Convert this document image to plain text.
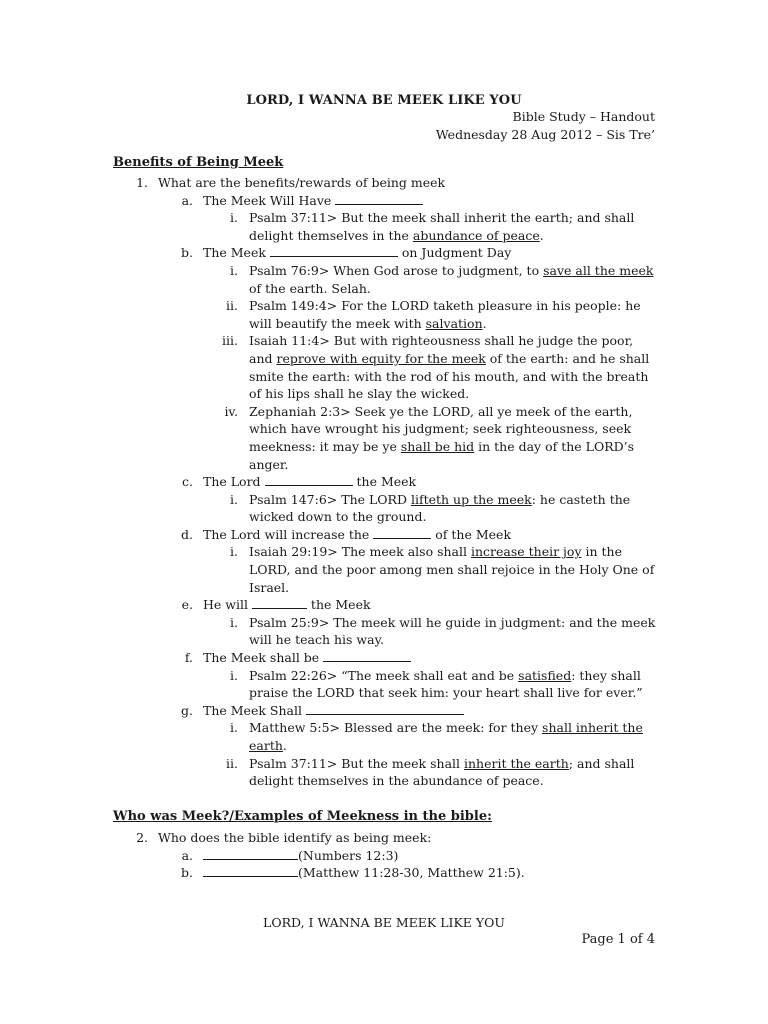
LORD, I WANNA BE MEEK LIKE YOU
Bible Study – Handout
Wednesday 28 Aug 2012 – Sis Tre’
Benefits of Being Meek
1. What are the benefits/rewards of being meek
a. The Meek Will Have
i. Psalm 37:11> But the meek shall inherit the earth; and shall
delight themselves in the abundance of peace.
b. The Meek	on Judgment Day
i. Psalm 76:9> When God arose to judgment, to save all the meek
of the earth. Selah.
ii. Psalm 149:4> For the LORD taketh pleasure in his people: he
will beautify the meek with salvation.
iii. Isaiah 11:4> But with righteousness shall he judge the poor,
and reprove with equity for the meek of the earth: and he shall
smite the earth: with the rod of his mouth, and with the breath
of his lips shall he slay the wicked.
iv. Zephaniah 2:3> Seek ye the LORD, all ye meek of the earth,
which have wrought his judgment; seek righteousness, seek
meekness: it may be ye shall be hid in the day of the LORD’s
anger.
c. The Lord	the Meek
i. Psalm 147:6> The LORD lifteth up the meek: he casteth the
wicked down to the ground.
d. The Lord will increase the	of the Meek
i. Isaiah 29:19> The meek also shall increase their joy in the
LORD, and the poor among men shall rejoice in the Holy One of
Israel.
e. He will	the Meek
i. Psalm 25:9> The meek will he guide in judgment: and the meek
will he teach his way.
f. The Meek shall be
i. Psalm 22:26> “The meek shall eat and be satisfied: they shall
praise the LORD that seek him: your heart shall live for ever.”
g. The Meek Shall
i. Matthew 5:5> Blessed are the meek: for they shall inherit the
earth.
ii. Psalm 37:11> But the meek shall inherit the earth; and shall
delight themselves in the abundance of peace.
Who was Meek?/Examples of Meekness in the bible:
2. Who does the bible identify as being meek:
a.	(Numbers 12:3)
b.	(Matthew 11:28-30, Matthew 21:5).
LORD, I WANNA BE MEEK LIKE YOU
Page 1 of 4
